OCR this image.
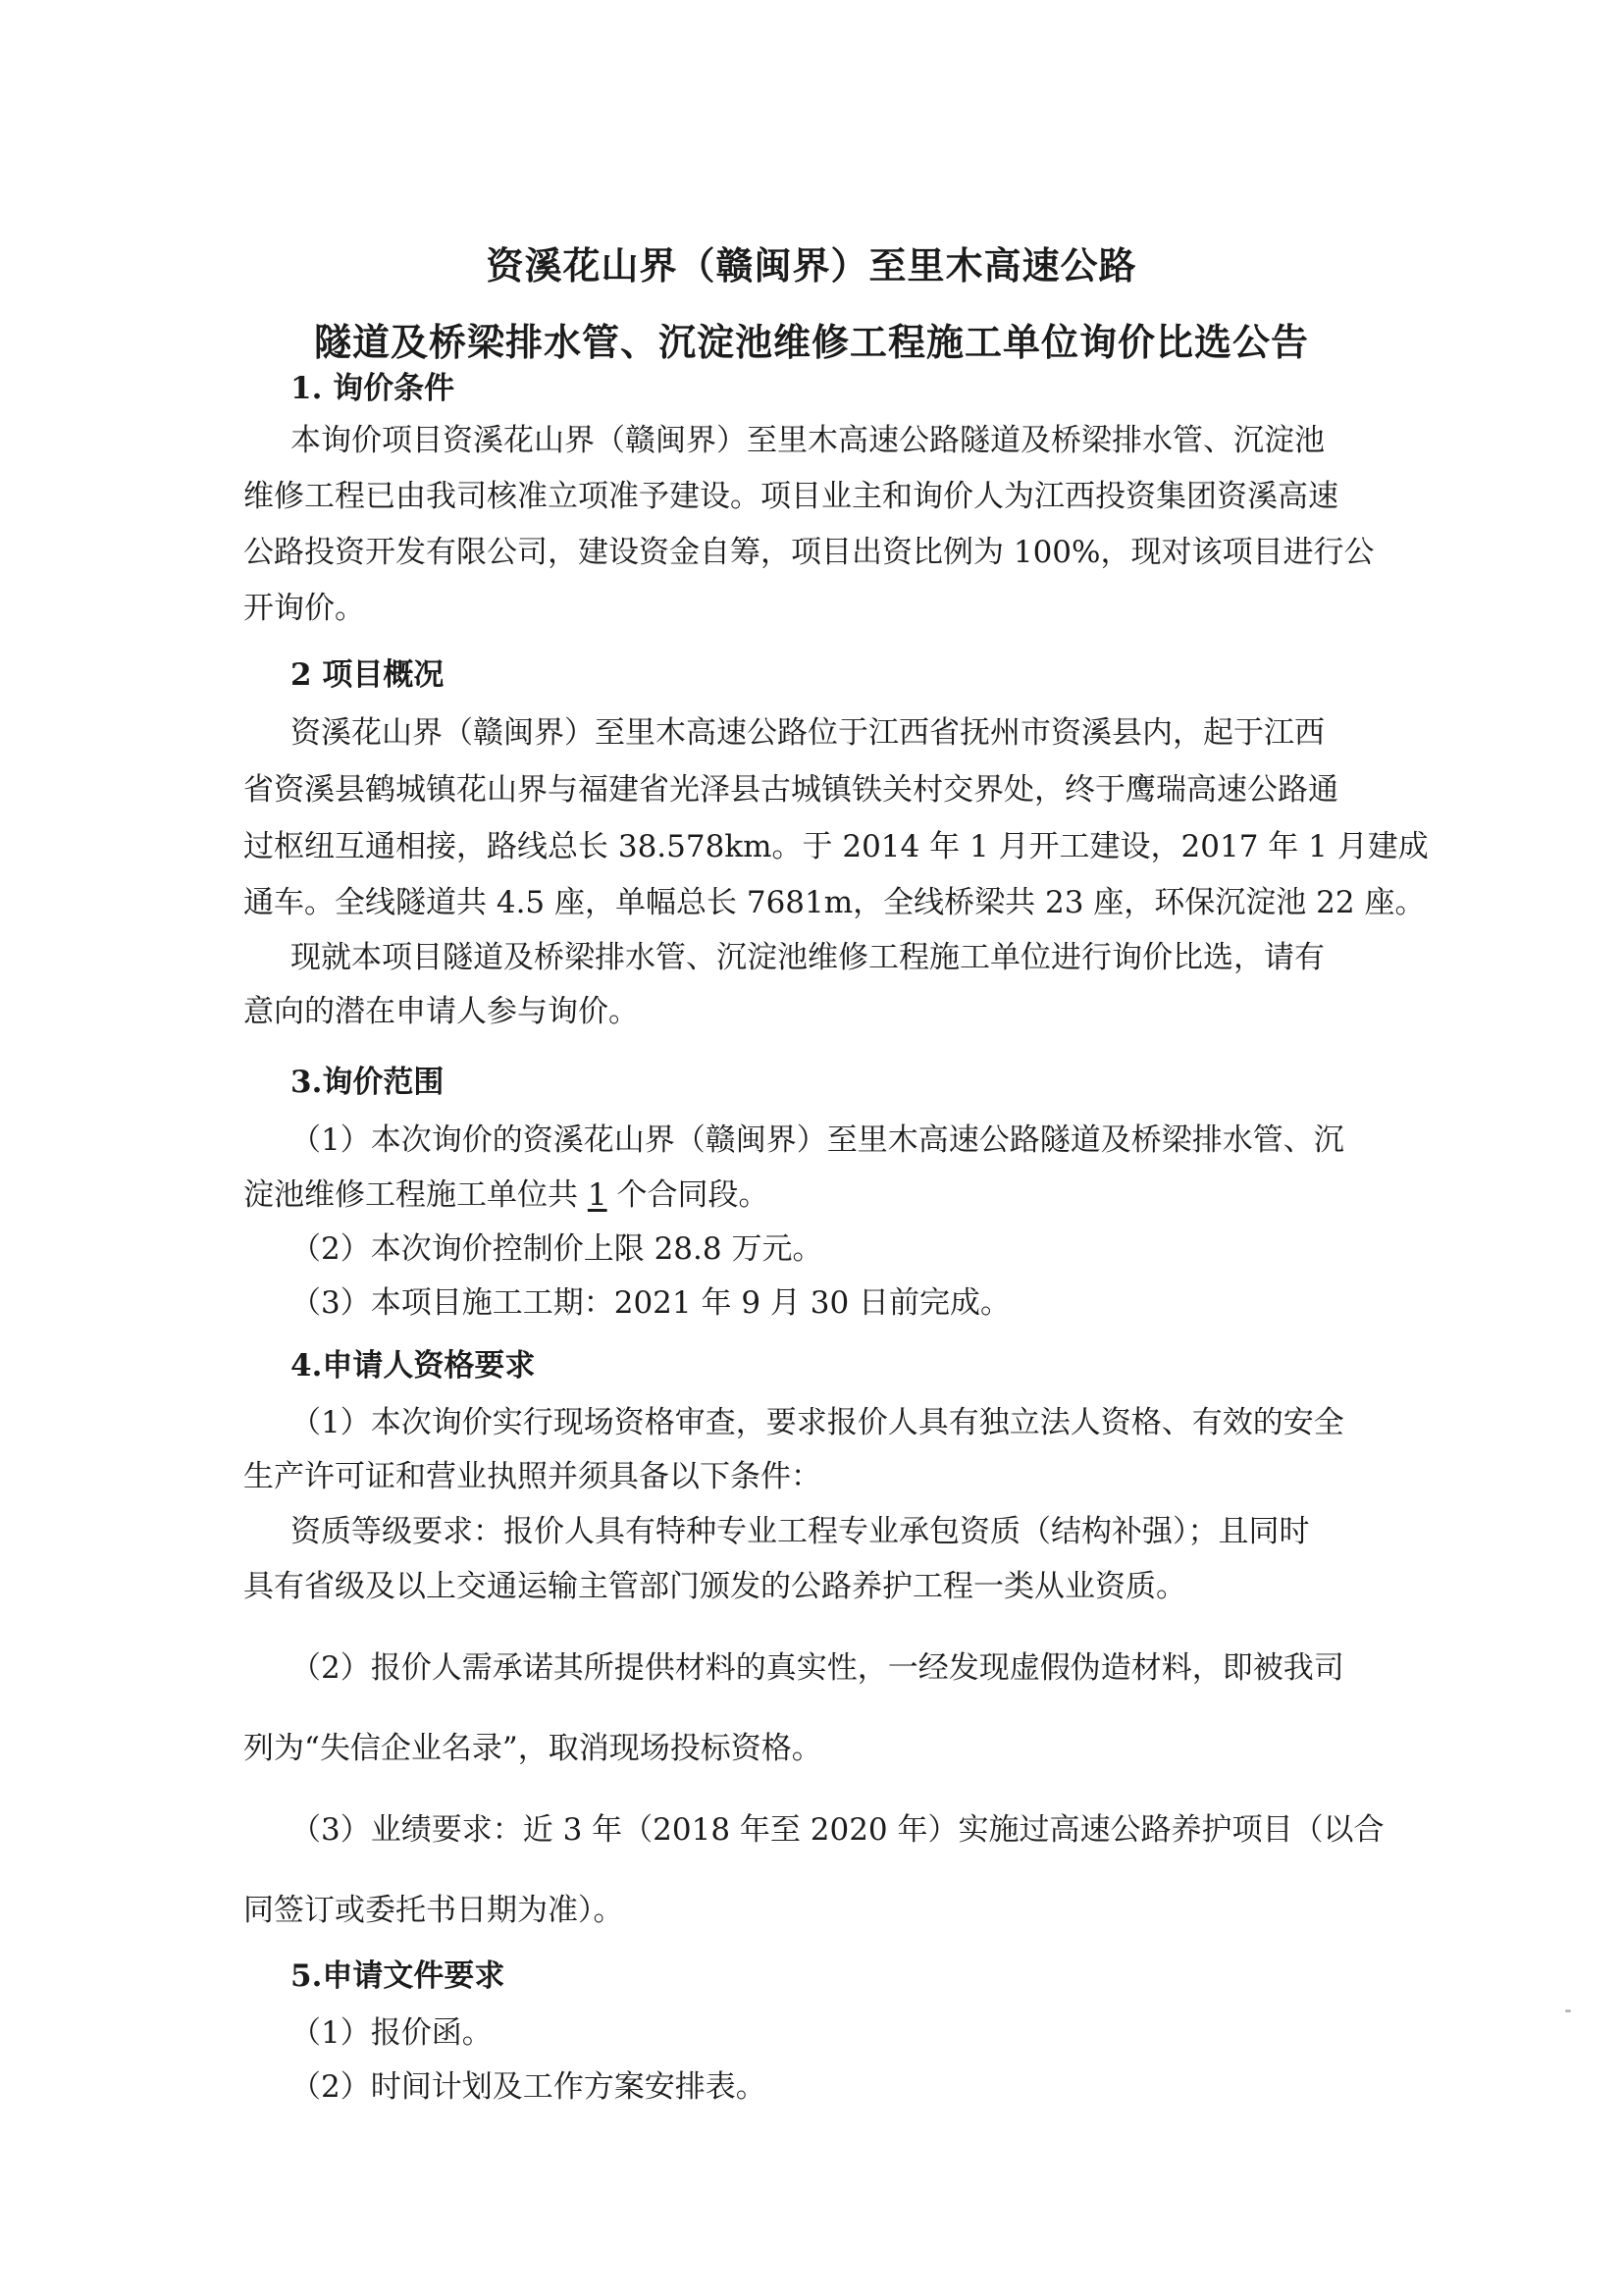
资溪花山界（赣闽界）至里木高速公路
隧道及桥梁排水管、沉淀池维修工程施工单位询价比选公告
1. 询价条件
本询价项目资溪花山界（赣闽界）至里木高速公路隧道及桥梁排水管、沉淀池
维修工程已由我司核准立项准予建设。项目业主和询价人为江西投资集团资溪高速
公路投资开发有限公司，建设资金自筹，项目出资比例为 100%，现对该项目进行公
开询价。
2 项目概况
资溪花山界（赣闽界）至里木高速公路位于江西省抚州市资溪县内，起于江西
省资溪县鹤城镇花山界与福建省光泽县古城镇铁关村交界处，终于鹰瑞高速公路通
过枢纽互通相接，路线总长 38.578km。于 2014 年 1 月开工建设，2017 年 1 月建成
通车。全线隧道共 4.5 座，单幅总长 7681m，全线桥梁共 23 座，环保沉淀池 22 座。
现就本项目隧道及桥梁排水管、沉淀池维修工程施工单位进行询价比选，请有
意向的潜在申请人参与询价。
3.询价范围
（1）本次询价的资溪花山界（赣闽界）至里木高速公路隧道及桥梁排水管、沉
淀池维修工程施工单位共 1 个合同段。
（2）本次询价控制价上限 28.8 万元。
（3）本项目施工工期：2021 年 9 月 30 日前完成。
4.申请人资格要求
（1）本次询价实行现场资格审查，要求报价人具有独立法人资格、有效的安全
生产许可证和营业执照并须具备以下条件：
资质等级要求：报价人具有特种专业工程专业承包资质（结构补强）；且同时
具有省级及以上交通运输主管部门颁发的公路养护工程一类从业资质。
（2）报价人需承诺其所提供材料的真实性，一经发现虚假伪造材料，即被我司
列为“失信企业名录”，取消现场投标资格。
（3）业绩要求：近 3 年（2018 年至 2020 年）实施过高速公路养护项目（以合
同签订或委托书日期为准）。
5.申请文件要求
（1）报价函。
（2）时间计划及工作方案安排表。
